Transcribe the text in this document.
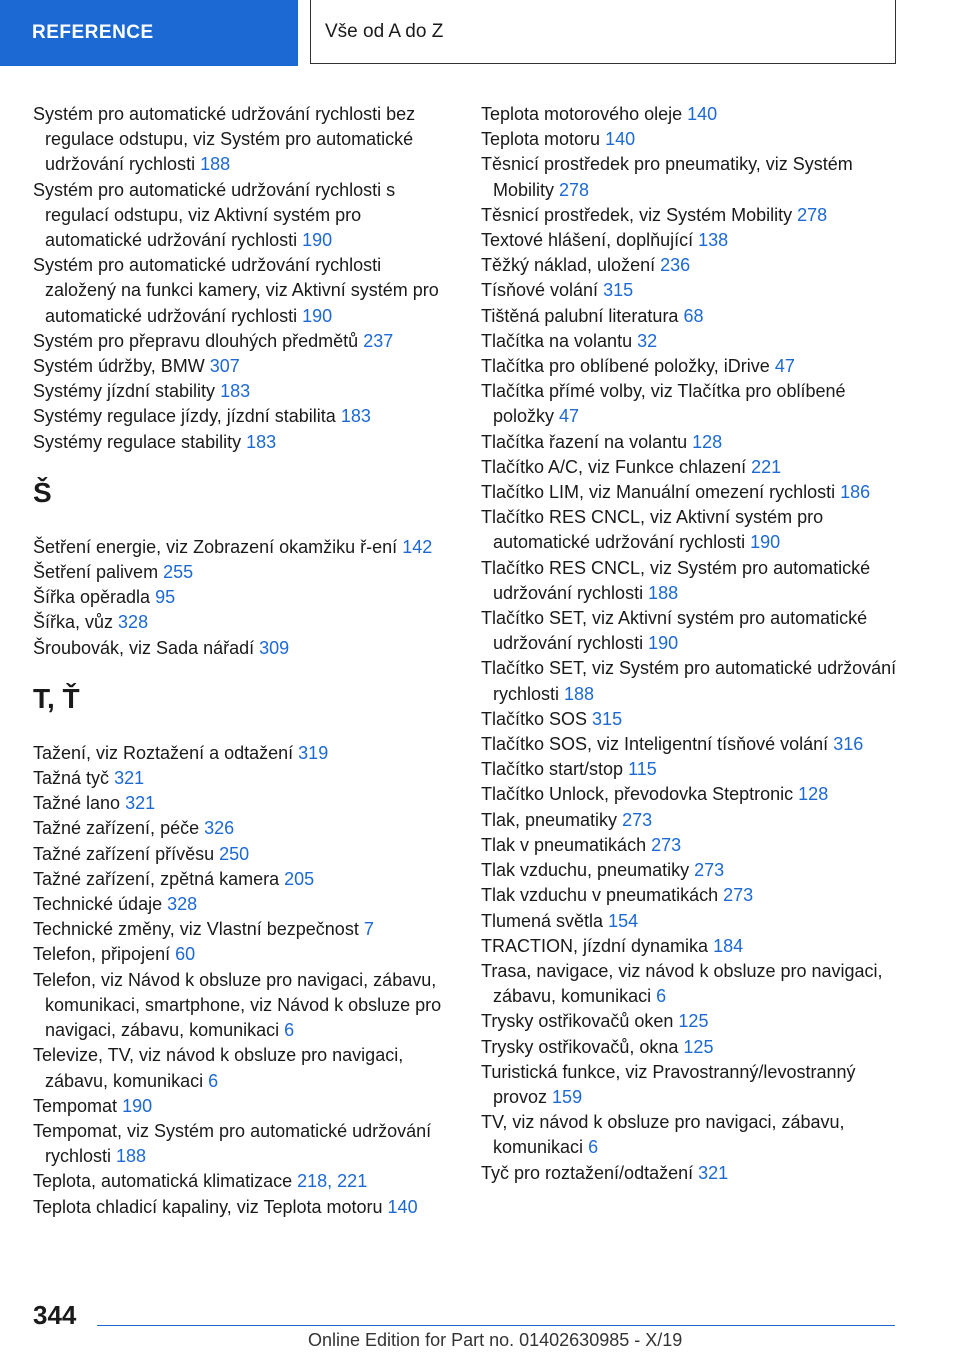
REFERENCE	Vše od A do Z
Systém pro automatické udržování rychlosti bez regulace odstupu, viz Systém pro automatické udržování rychlosti 188
Systém pro automatické udržování rychlosti s regulací odstupu, viz Aktivní systém pro automatické udržování rychlosti 190
Systém pro automatické udržování rychlosti založený na funkci kamery, viz Aktivní systém pro automatické udržování rychlosti 190
Systém pro přepravu dlouhých předmětů 237
Systém údržby, BMW 307
Systémy jízdní stability 183
Systémy regulace jízdy, jízdní stabilita 183
Systémy regulace stability 183
Š
Šetření energie, viz Zobrazení okamžiku ř-ení 142
Šetření palivem 255
Šířka opěradla 95
Šířka, vůz 328
Šroubovák, viz Sada nářadí 309
T, Ť
Tažení, viz Roztažení a odtažení 319
Tažná tyč 321
Tažné lano 321
Tažné zařízení, péče 326
Tažné zařízení přívěsu 250
Tažné zařízení, zpětná kamera 205
Technické údaje 328
Technické změny, viz Vlastní bezpečnost 7
Telefon, připojení 60
Telefon, viz Návod k obsluze pro navigaci, zábavu, komunikaci, smartphone, viz Návod k obsluze pro navigaci, zábavu, komunikaci 6
Televize, TV, viz návod k obsluze pro navigaci, zábavu, komunikaci 6
Tempomat 190
Tempomat, viz Systém pro automatické udržování rychlosti 188
Teplota, automatická klimatizace 218, 221
Teplota chladicí kapaliny, viz Teplota motoru 140
Teplota motorového oleje 140
Teplota motoru 140
Těsnicí prostředek pro pneumatiky, viz Systém Mobility 278
Těsnicí prostředek, viz Systém Mobility 278
Textové hlášení, doplňující 138
Těžký náklad, uložení 236
Tísňové volání 315
Tištěná palubní literatura 68
Tlačítka na volantu 32
Tlačítka pro oblíbené položky, iDrive 47
Tlačítka přímé volby, viz Tlačítka pro oblíbené položky 47
Tlačítka řazení na volantu 128
Tlačítko A/C, viz Funkce chlazení 221
Tlačítko LIM, viz Manuální omezení rychlosti 186
Tlačítko RES CNCL, viz Aktivní systém pro automatické udržování rychlosti 190
Tlačítko RES CNCL, viz Systém pro automatické udržování rychlosti 188
Tlačítko SET, viz Aktivní systém pro automatické udržování rychlosti 190
Tlačítko SET, viz Systém pro automatické udržování rychlosti 188
Tlačítko SOS 315
Tlačítko SOS, viz Inteligentní tísňové volání 316
Tlačítko start/stop 115
Tlačítko Unlock, převodovka Steptronic 128
Tlak, pneumatiky 273
Tlak v pneumatikách 273
Tlak vzduchu, pneumatiky 273
Tlak vzduchu v pneumatikách 273
Tlumená světla 154
TRACTION, jízdní dynamika 184
Trasa, navigace, viz návod k obsluze pro navigaci, zábavu, komunikaci 6
Trysky ostřikovačů oken 125
Trysky ostřikovačů, okna 125
Turistická funkce, viz Pravostranný/levostranný provoz 159
TV, viz návod k obsluze pro navigaci, zábavu, komunikaci 6
Tyč pro roztažení/odtažení 321
344
Online Edition for Part no. 01402630985 - X/19
